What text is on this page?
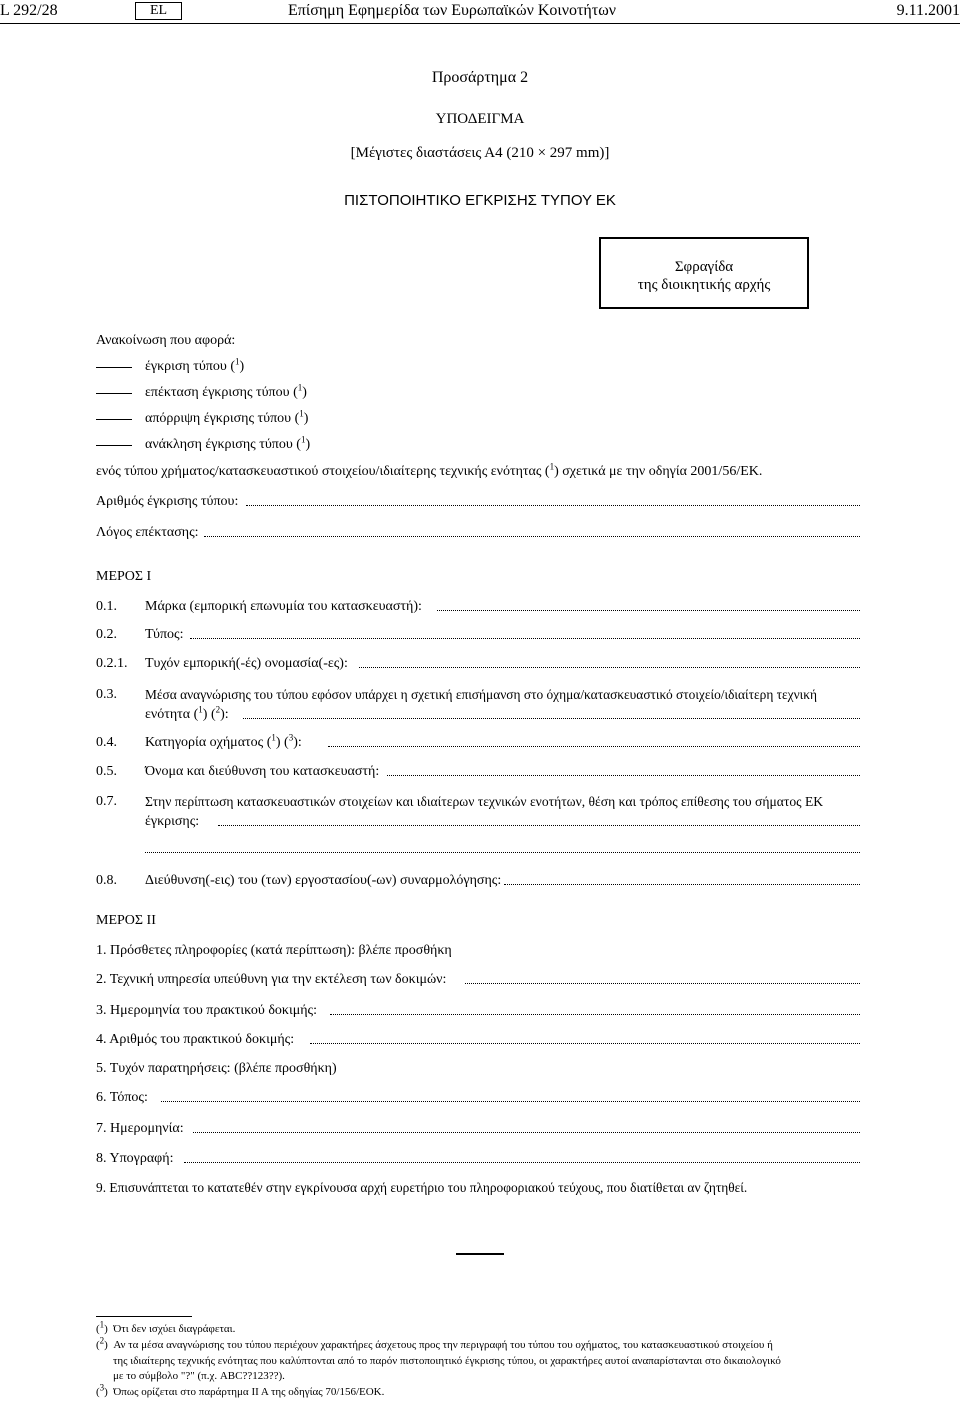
L 292/28	EL	Επίσημη Εφημερίδα των Ευρωπαϊκών Κοινοτήτων	9.11.2001
Προσάρτημα 2
ΥΠΟΔΕΙΓΜΑ
[Μέγιστες διαστάσεις Α4 (210 × 297 mm)]
ΠΙΣΤΟΠΟΙΗΤΙΚΟ ΕΓΚΡΙΣΗΣ ΤΥΠΟΥ ΕΚ
Σφραγίδα
της διοικητικής αρχής
Ανακοίνωση που αφορά:
έγκριση τύπου ($^1$)
επέκταση έγκρισης τύπου ($^1$)
απόρριψη έγκρισης τύπου ($^1$)
ανάκληση έγκρισης τύπου ($^1$)
ενός τύπου χρήματος/κατασκευαστικού στοιχείου/ιδιαίτερης τεχνικής ενότητας ($^1$) σχετικά με την οδηγία 2001/56/ΕΚ.
Αριθμός έγκρισης τύπου:
Λόγος επέκτασης:
ΜΕΡΟΣ I
0.1. Μάρκα (εμπορική επωνυμία του κατασκευαστή):
0.2. Τύπος:
0.2.1. Τυχόν εμπορική(-ές) ονομασία(-ες):
0.3. Μέσα αναγνώρισης του τύπου εφόσον υπάρχει η σχετική επισήμανση στο όχημα/κατασκευαστικό στοιχείο/ιδιαίτερη τεχνική
ενότητα ($^1$) ($^2$):
0.4. Κατηγορία οχήματος ($^1$) ($^3$):
0.5. Όνομα και διεύθυνση του κατασκευαστή:
0.7. Στην περίπτωση κατασκευαστικών στοιχείων και ιδιαίτερων τεχνικών ενοτήτων, θέση και τρόπος επίθεσης του σήματος ΕΚ
έγκρισης:
0.8. Διεύθυνση(-εις) του (των) εργοστασίου(-ων) συναρμολόγησης:
ΜΕΡΟΣ II
1. Πρόσθετες πληροφορίες (κατά περίπτωση): βλέπε προσθήκη
2. Τεχνική υπηρεσία υπεύθυνη για την εκτέλεση των δοκιμών:
3. Ημερομηνία του πρακτικού δοκιμής:
4. Αριθμός του πρακτικού δοκιμής:
5. Τυχόν παρατηρήσεις: (βλέπε προσθήκη)
6. Τόπος:
7. Ημερομηνία:
8. Υπογραφή:
9. Επισυνάπτεται το κατατεθέν στην εγκρίνουσα αρχή ευρετήριο του πληροφοριακού τεύχους, που διατίθεται αν ζητηθεί.
($^1$)  Ότι δεν ισχύει διαγράφεται.
($^2$)  Αν τα μέσα αναγνώρισης του τύπου περιέχουν χαρακτήρες άσχετους προς την περιγραφή του τύπου του οχήματος, του κατασκευαστικού στοιχείου ή
της ιδιαίτερης τεχνικής ενότητας που καλύπτονται από το παρόν πιστοποιητικό έγκρισης τύπου, οι χαρακτήρες αυτοί αναπαρίστανται στο δικαιολογικό
με το σύμβολο "?" (π.χ. ABC??123??).
($^3$)  Όπως ορίζεται στο παράρτημα II A της οδηγίας 70/156/ΕΟΚ.
